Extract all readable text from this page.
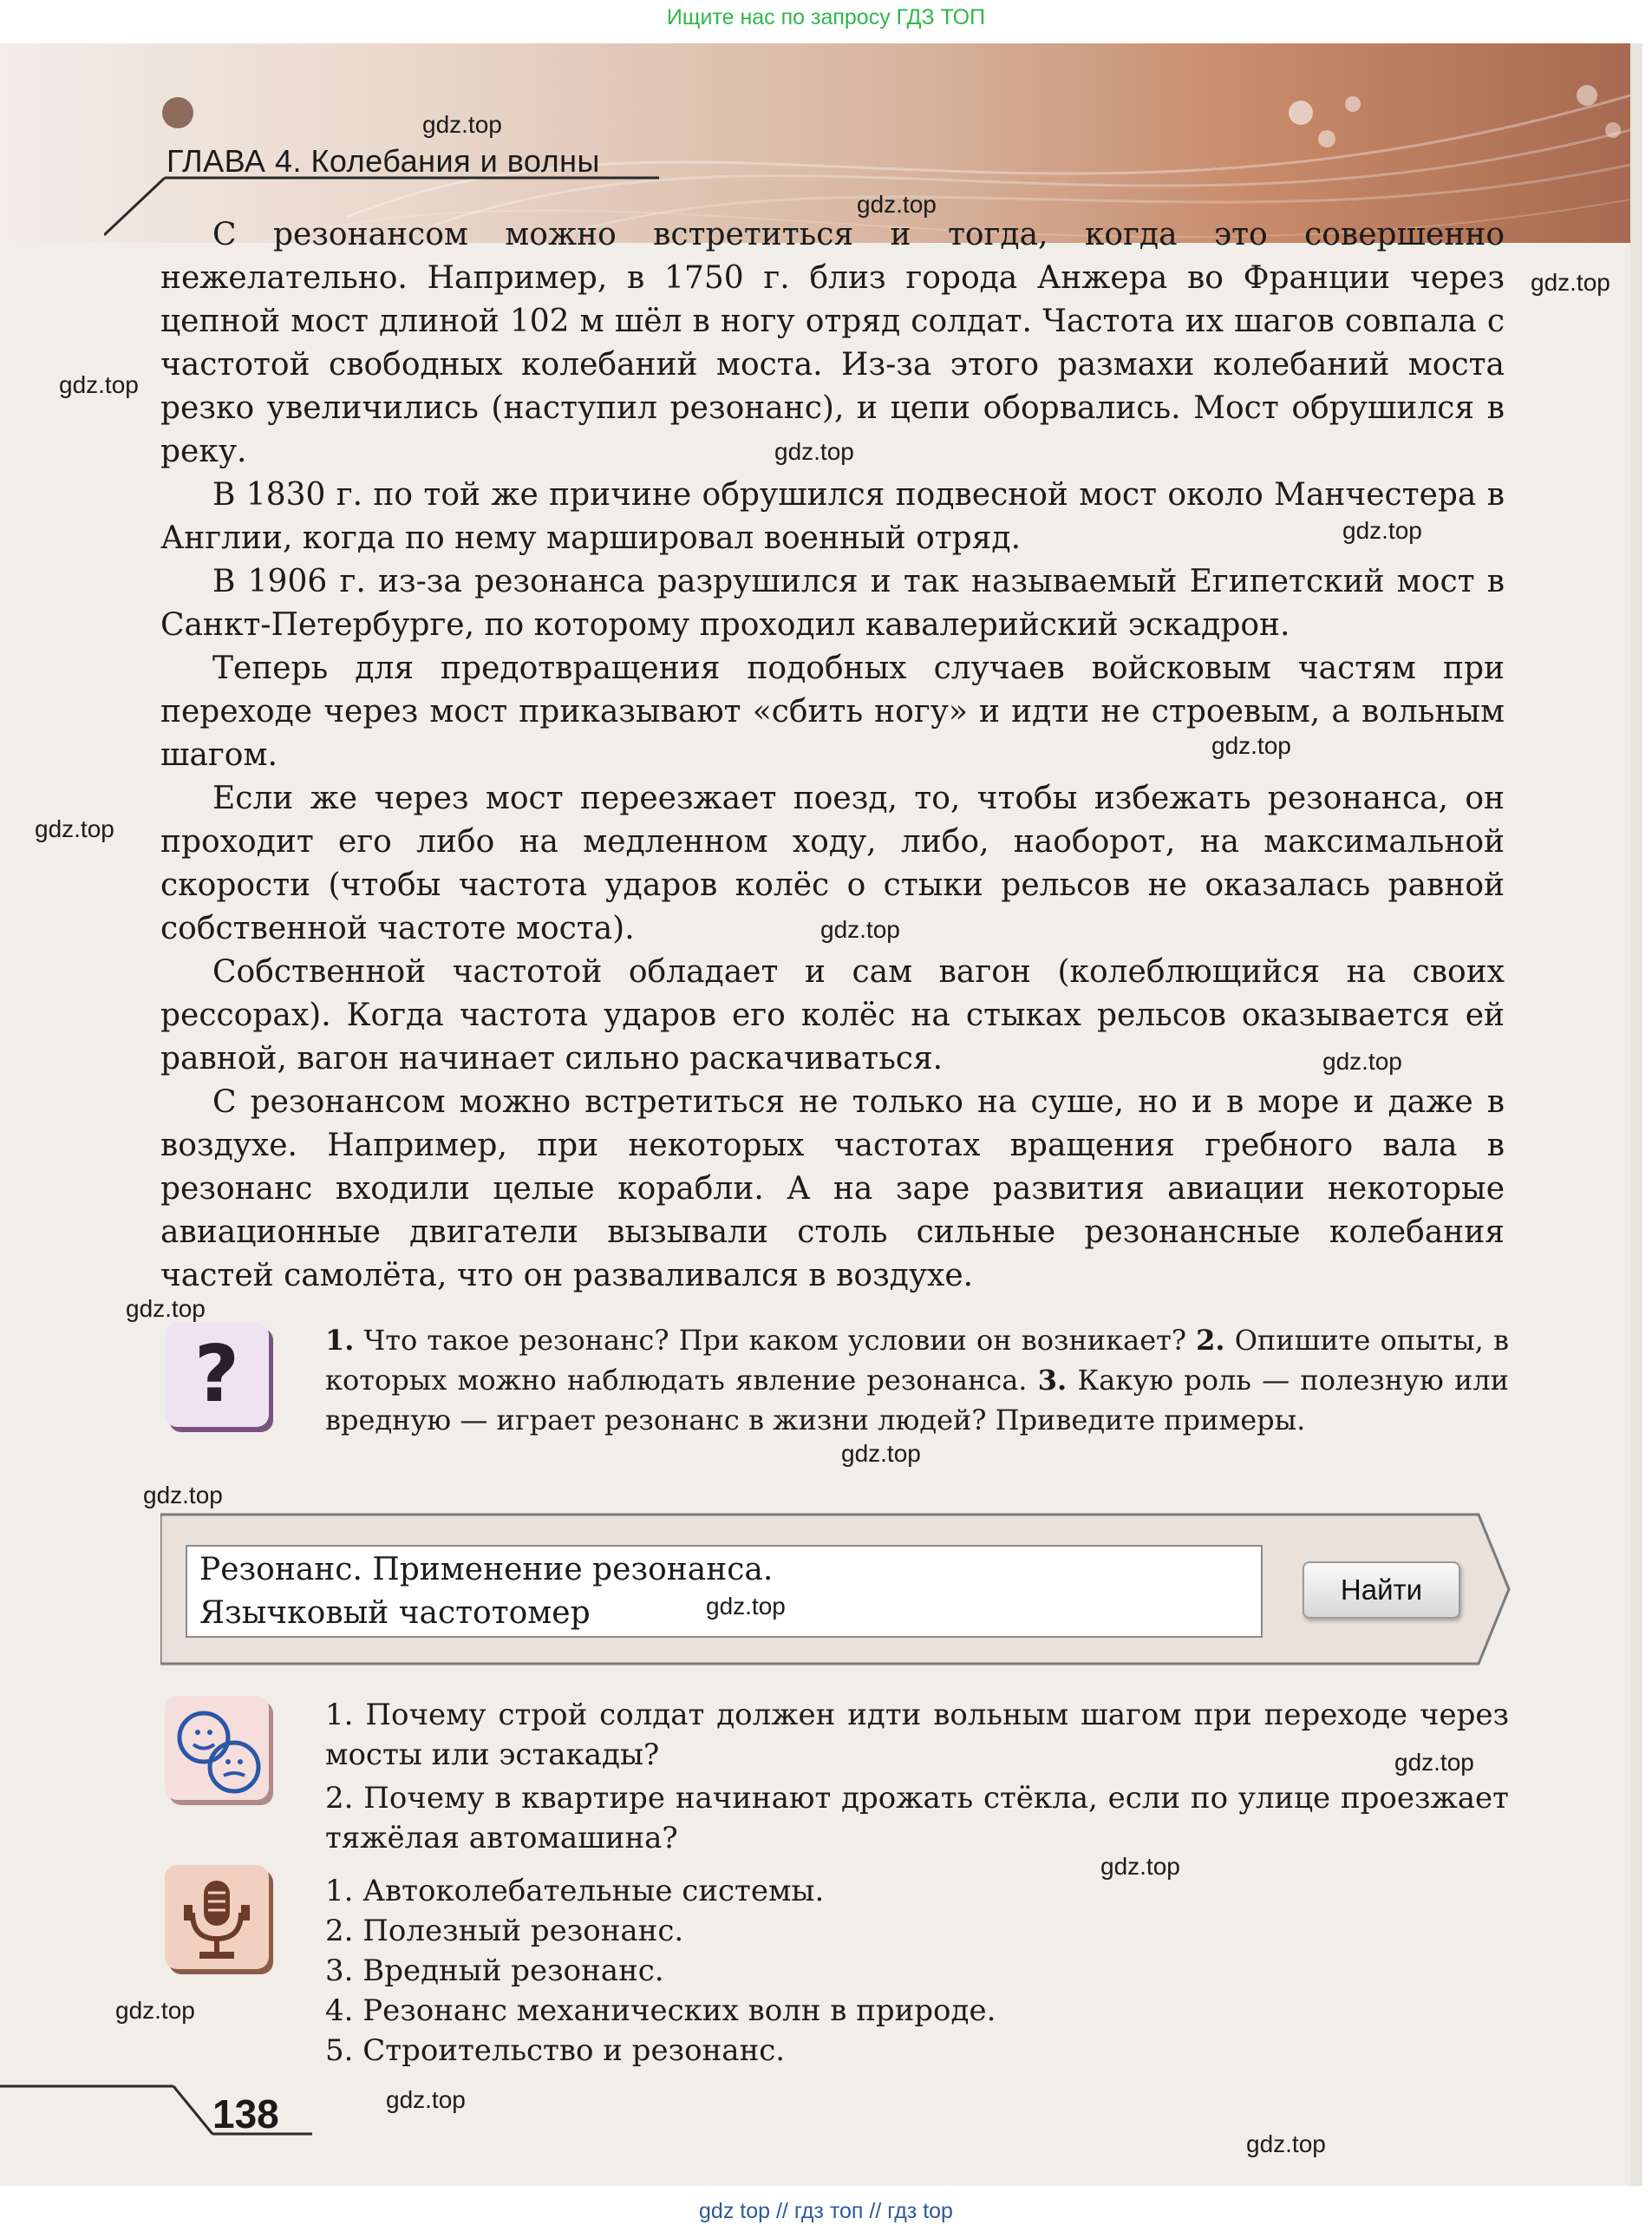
Ищите нас по запросу ГДЗ ТОП
ГЛАВА 4. Колебания и волны

С резонансом можно встретиться и тогда, когда это совершенно нежелательно. Например, в 1750 г. близ города Анжера во Франции через цепной мост длиной 102 м шёл в ногу отряд солдат. Частота их шагов совпала с частотой свободных колебаний моста. Из-за этого размахи колебаний моста резко увеличились (наступил резонанс), и цепи оборвались. Мост обрушился в реку.

В 1830 г. по той же причине обрушился подвесной мост около Манчестера в Англии, когда по нему маршировал военный отряд.

В 1906 г. из-за резонанса разрушился и так называемый Египетский мост в Санкт-Петербурге, по которому проходил кавалерийский эскадрон.

Теперь для предотвращения подобных случаев войсковым частям при переходе через мост приказывают «сбить ногу» и идти не строевым, а вольным шагом.

Если же через мост переезжает поезд, то, чтобы избежать резонанса, он проходит его либо на медленном ходу, либо, наоборот, на максимальной скорости (чтобы частота ударов колёс о стыки рельсов не оказалась равной собственной частоте моста).

Собственной частотой обладает и сам вагон (колеблющийся на своих рессорах). Когда частота ударов его колёс на стыках рельсов оказывается ей равной, вагон начинает сильно раскачиваться.

С резонансом можно встретиться не только на суше, но и в море и даже в воздухе. Например, при некоторых частотах вращения гребного вала в резонанс входили целые корабли. А на заре развития авиации некоторые авиационные двигатели вызывали столь сильные резонансные колебания частей самолёта, что он разваливался в воздухе.

?	1. Что такое резонанс? При каком условии он возникает? 2. Опишите опыты, в которых можно наблюдать явление резонанса. 3. Какую роль — полезную или вредную — играет резонанс в жизни людей? Приведите примеры.
Резонанс. Применение резонанса.
Язычковый частотомер
Найти

1. Почему строй солдат должен идти вольным шагом при переходе через мосты или эстакады?

2. Почему в квартире начинают дрожать стёкла, если по улице проезжает тяжёлая автомашина?

1. Автоколебательные системы.
2. Полезный резонанс.
3. Вредный резонанс.
4. Резонанс механических волн в природе.
5. Строительство и резонанс.
138
gdz.top
gdz.top
gdz.top
gdz.top
gdz.top
gdz.top
gdz.top
gdz.top
gdz.top
gdz.top
gdz.top
gdz.top
gdz.top
gdz.top
gdz.top
gdz.top
gdz.top
gdz.top
gdz.top
gdz top // гдз топ // гдз top
